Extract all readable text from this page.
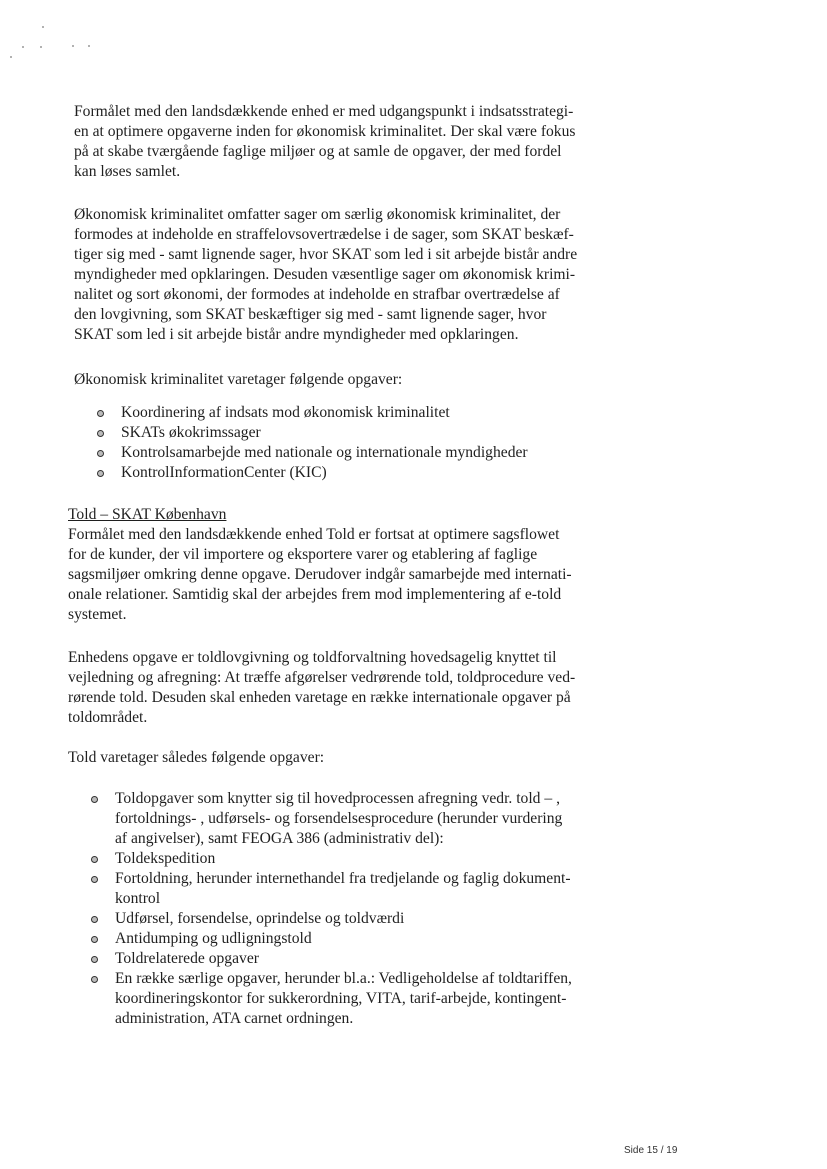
Formålet med den landsdækkende enhed er med udgangspunkt i indsatsstrategi-
en at optimere opgaverne inden for økonomisk kriminalitet. Der skal være fokus
på at skabe tværgående faglige miljøer og at samle de opgaver, der med fordel
kan løses samlet.
Økonomisk kriminalitet omfatter sager om særlig økonomisk kriminalitet, der
formodes at indeholde en straffelovsovertrædelse i de sager, som SKAT beskæf-
tiger sig med - samt lignende sager, hvor SKAT som led i sit arbejde bistår andre
myndigheder med opklaringen. Desuden væsentlige sager om økonomisk krimi-
nalitet og sort økonomi, der formodes at indeholde en strafbar overtrædelse af
den lovgivning, som SKAT beskæftiger sig med - samt lignende sager, hvor
SKAT som led i sit arbejde bistår andre myndigheder med opklaringen.
Økonomisk kriminalitet varetager følgende opgaver:
Koordinering af indsats mod økonomisk kriminalitet
SKATs økokrimssager
Kontrolsamarbejde med nationale og internationale myndigheder
KontrolInformationCenter (KIC)
Told – SKAT København
Formålet med den landsdækkende enhed Told er fortsat at optimere sagsflowet
for de kunder, der vil importere og eksportere varer og etablering af faglige
sagsmiljøer omkring denne opgave. Derudover indgår samarbejde med internati-
onale relationer. Samtidig skal der arbejdes frem mod implementering af e-told
systemet.
Enhedens opgave er toldlovgivning og toldforvaltning hovedsagelig knyttet til
vejledning og afregning: At træffe afgørelser vedrørende told, toldprocedure ved-
rørende told. Desuden skal enheden varetage en række internationale opgaver på
toldområdet.
Told varetager således følgende opgaver:
Toldopgaver som knytter sig til hovedprocessen afregning vedr. told – ,
fortoldnings- , udførsels- og forsendelsesprocedure (herunder vurdering
af angivelser), samt FEOGA 386 (administrativ del):
Toldekspedition
Fortoldning, herunder internethandel fra tredjelande og faglig dokument-
kontrol
Udførsel, forsendelse, oprindelse og toldværdi
Antidumping og udligningstold
Toldrelaterede opgaver
En række særlige opgaver, herunder bl.a.: Vedligeholdelse af toldtariffen,
koordineringskontor for sukkerordning, VITA, tarif-arbejde, kontingent-
administration, ATA carnet ordningen.
Side 15 / 19
